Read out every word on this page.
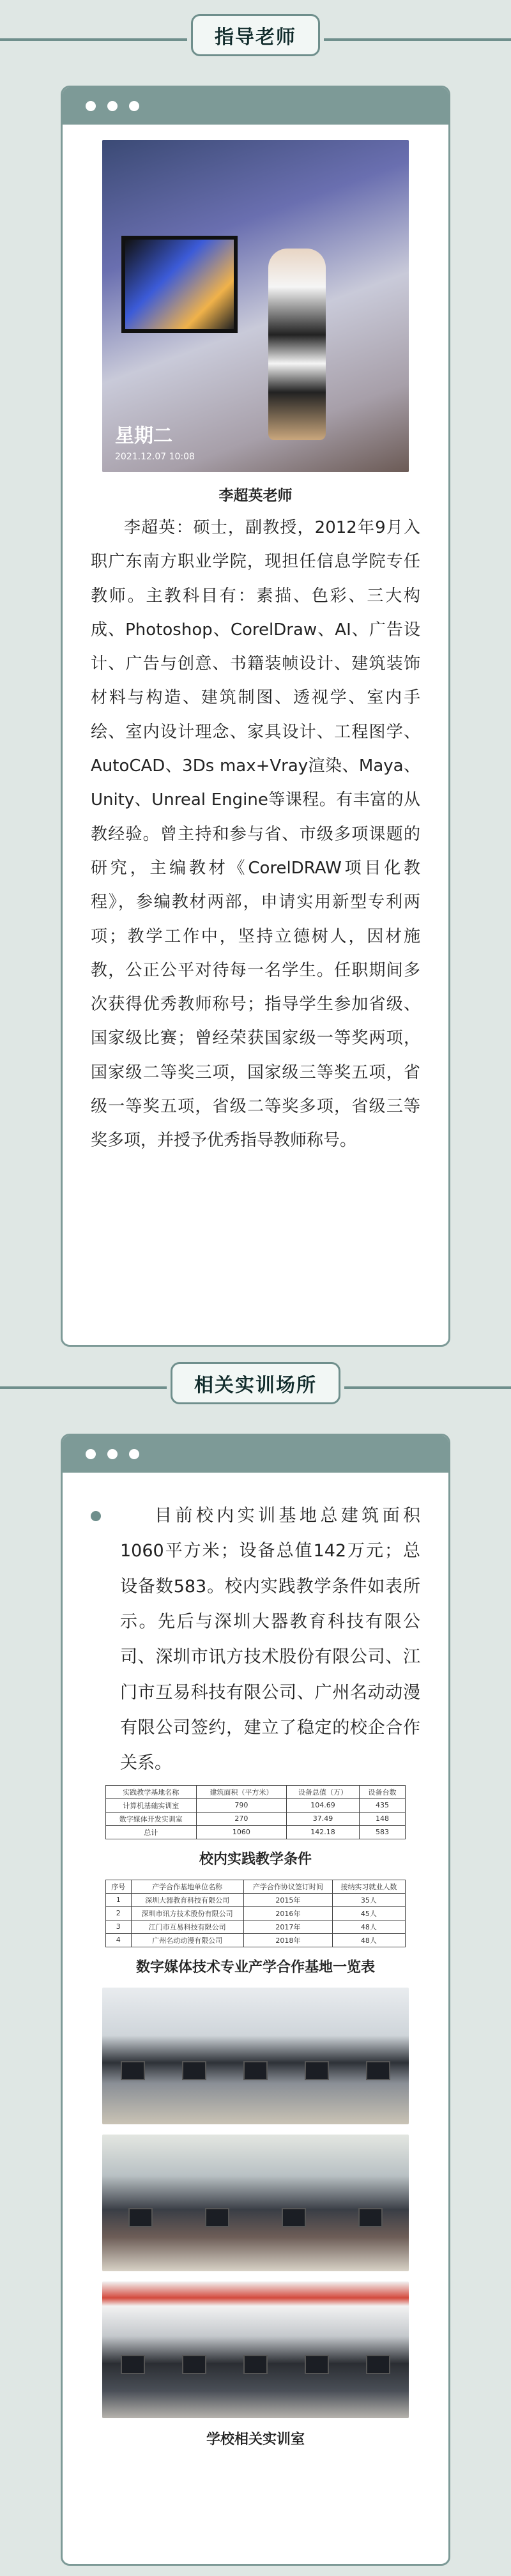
指导老师
星期二
2021.12.07 10:08
李超英老师

李超英：硕士，副教授，2012年9月入职广东南方职业学院，现担任信息学院专任教师。主教科目有：素描、色彩、三大构成、Photoshop、CorelDraw、AI、广告设计、广告与创意、书籍装帧设计、建筑装饰材料与构造、建筑制图、透视学、室内手绘、室内设计理念、家具设计、工程图学、AutoCAD、3Ds max+Vray渲染、Maya、Unity、Unreal Engine等课程。有丰富的从教经验。曾主持和参与省、市级多项课题的研究，主编教材《CorelDRAW项目化教程》，参编教材两部，申请实用新型专利两项；教学工作中，坚持立德树人，因材施教，公正公平对待每一名学生。任职期间多次获得优秀教师称号；指导学生参加省级、国家级比赛；曾经荣获国家级一等奖两项，国家级二等奖三项，国家级三等奖五项，省级一等奖五项，省级二等奖多项，省级三等奖多项，并授予优秀指导教师称号。

相关实训场所

目前校内实训基地总建筑面积1060平方米；设备总值142万元；总设备数583。校内实践教学条件如表所示。先后与深圳大器教育科技有限公司、深圳市讯方技术股份有限公司、江门市互易科技有限公司、广州名动动漫有限公司签约，建立了稳定的校企合作关系。

实践教学基地名称	建筑面积（平方米）	设备总值（万）	设备台数
计算机基础实训室	790	104.69	435
数字媒体开发实训室	270	37.49	148
总计	1060	142.18	583
校内实践教学条件
序号	产学合作基地单位名称	产学合作协议签订时间	接纳实习就业人数
1	深圳大器教育科技有限公司	2015年	35人
2	深圳市讯方技术股份有限公司	2016年	45人
3	江门市互易科技有限公司	2017年	48人
4	广州名动动漫有限公司	2018年	48人
数字媒体技术专业产学合作基地一览表
学校相关实训室
